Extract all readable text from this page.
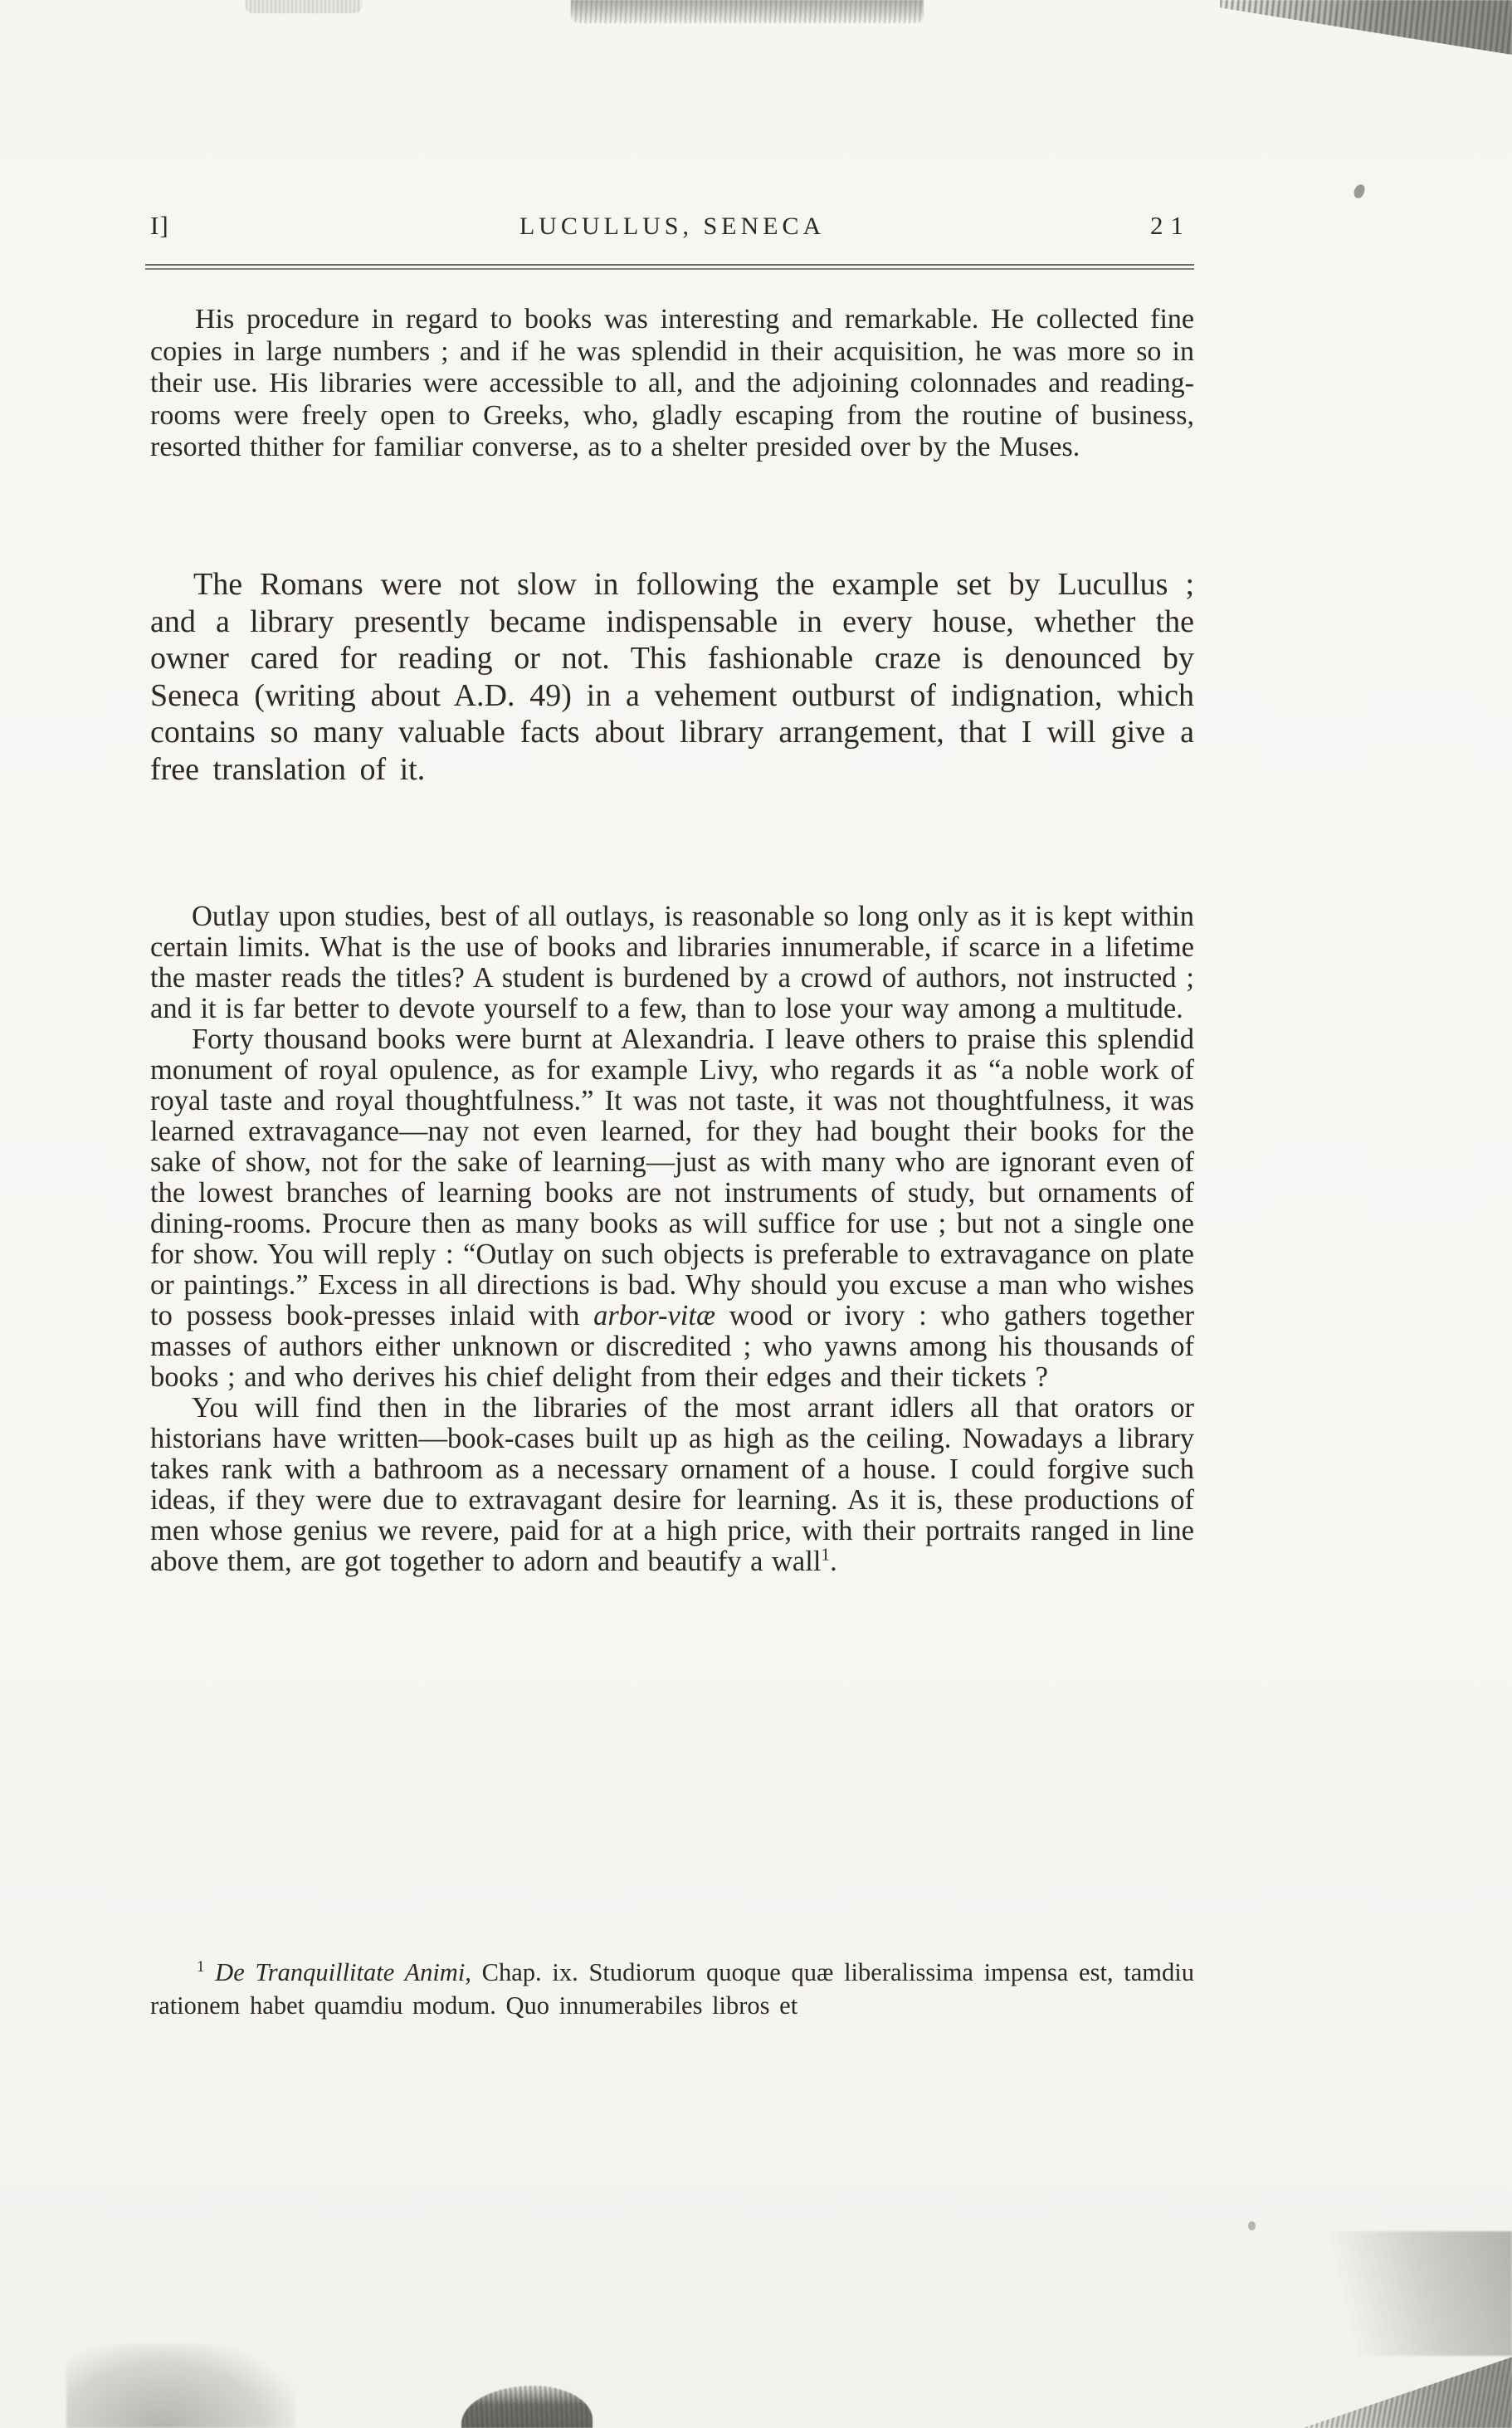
I]	LUCULLUS, SENECA	21

His procedure in regard to books was interesting and remarkable. He collected fine copies in large numbers ; and if he was splendid in their acquisition, he was more so in their use. His libraries were accessible to all, and the adjoining colonnades and reading-rooms were freely open to Greeks, who, gladly escaping from the routine of business, resorted thither for familiar converse, as to a shelter presided over by the Muses.

The Romans were not slow in following the example set by Lucullus ; and a library presently became indispensable in every house, whether the owner cared for reading or not. This fashionable craze is denounced by Seneca (writing about A.D. 49) in a vehement outburst of indignation, which contains so many valuable facts about library arrangement, that I will give a free translation of it.

Outlay upon studies, best of all outlays, is reasonable so long only as it is kept within certain limits. What is the use of books and libraries innumerable, if scarce in a lifetime the master reads the titles? A student is burdened by a crowd of authors, not instructed ; and it is far better to devote yourself to a few, than to lose your way among a multitude.

Forty thousand books were burnt at Alexandria. I leave others to praise this splendid monument of royal opulence, as for example Livy, who regards it as “a noble work of royal taste and royal thoughtfulness.” It was not taste, it was not thoughtfulness, it was learned extravagance—nay not even learned, for they had bought their books for the sake of show, not for the sake of learning—just as with many who are ignorant even of the lowest branches of learning books are not instruments of study, but ornaments of dining-rooms. Procure then as many books as will suffice for use ; but not a single one for show. You will reply : “Outlay on such objects is preferable to extravagance on plate or paintings.” Excess in all directions is bad. Why should you excuse a man who wishes to possess book-presses inlaid with arbor-vitæ wood or ivory : who gathers together masses of authors either unknown or discredited ; who yawns among his thousands of books ; and who derives his chief delight from their edges and their tickets ?

You will find then in the libraries of the most arrant idlers all that orators or historians have written—book-cases built up as high as the ceiling. Nowadays a library takes rank with a bathroom as a necessary ornament of a house. I could forgive such ideas, if they were due to extravagant desire for learning. As it is, these productions of men whose genius we revere, paid for at a high price, with their portraits ranged in line above them, are got together to adorn and beautify a wall$^1$.

$^1$ De Tranquillitate Animi, Chap. ix. Studiorum quoque quæ liberalissima impensa est, tamdiu rationem habet quamdiu modum. Quo innumerabiles libros et
